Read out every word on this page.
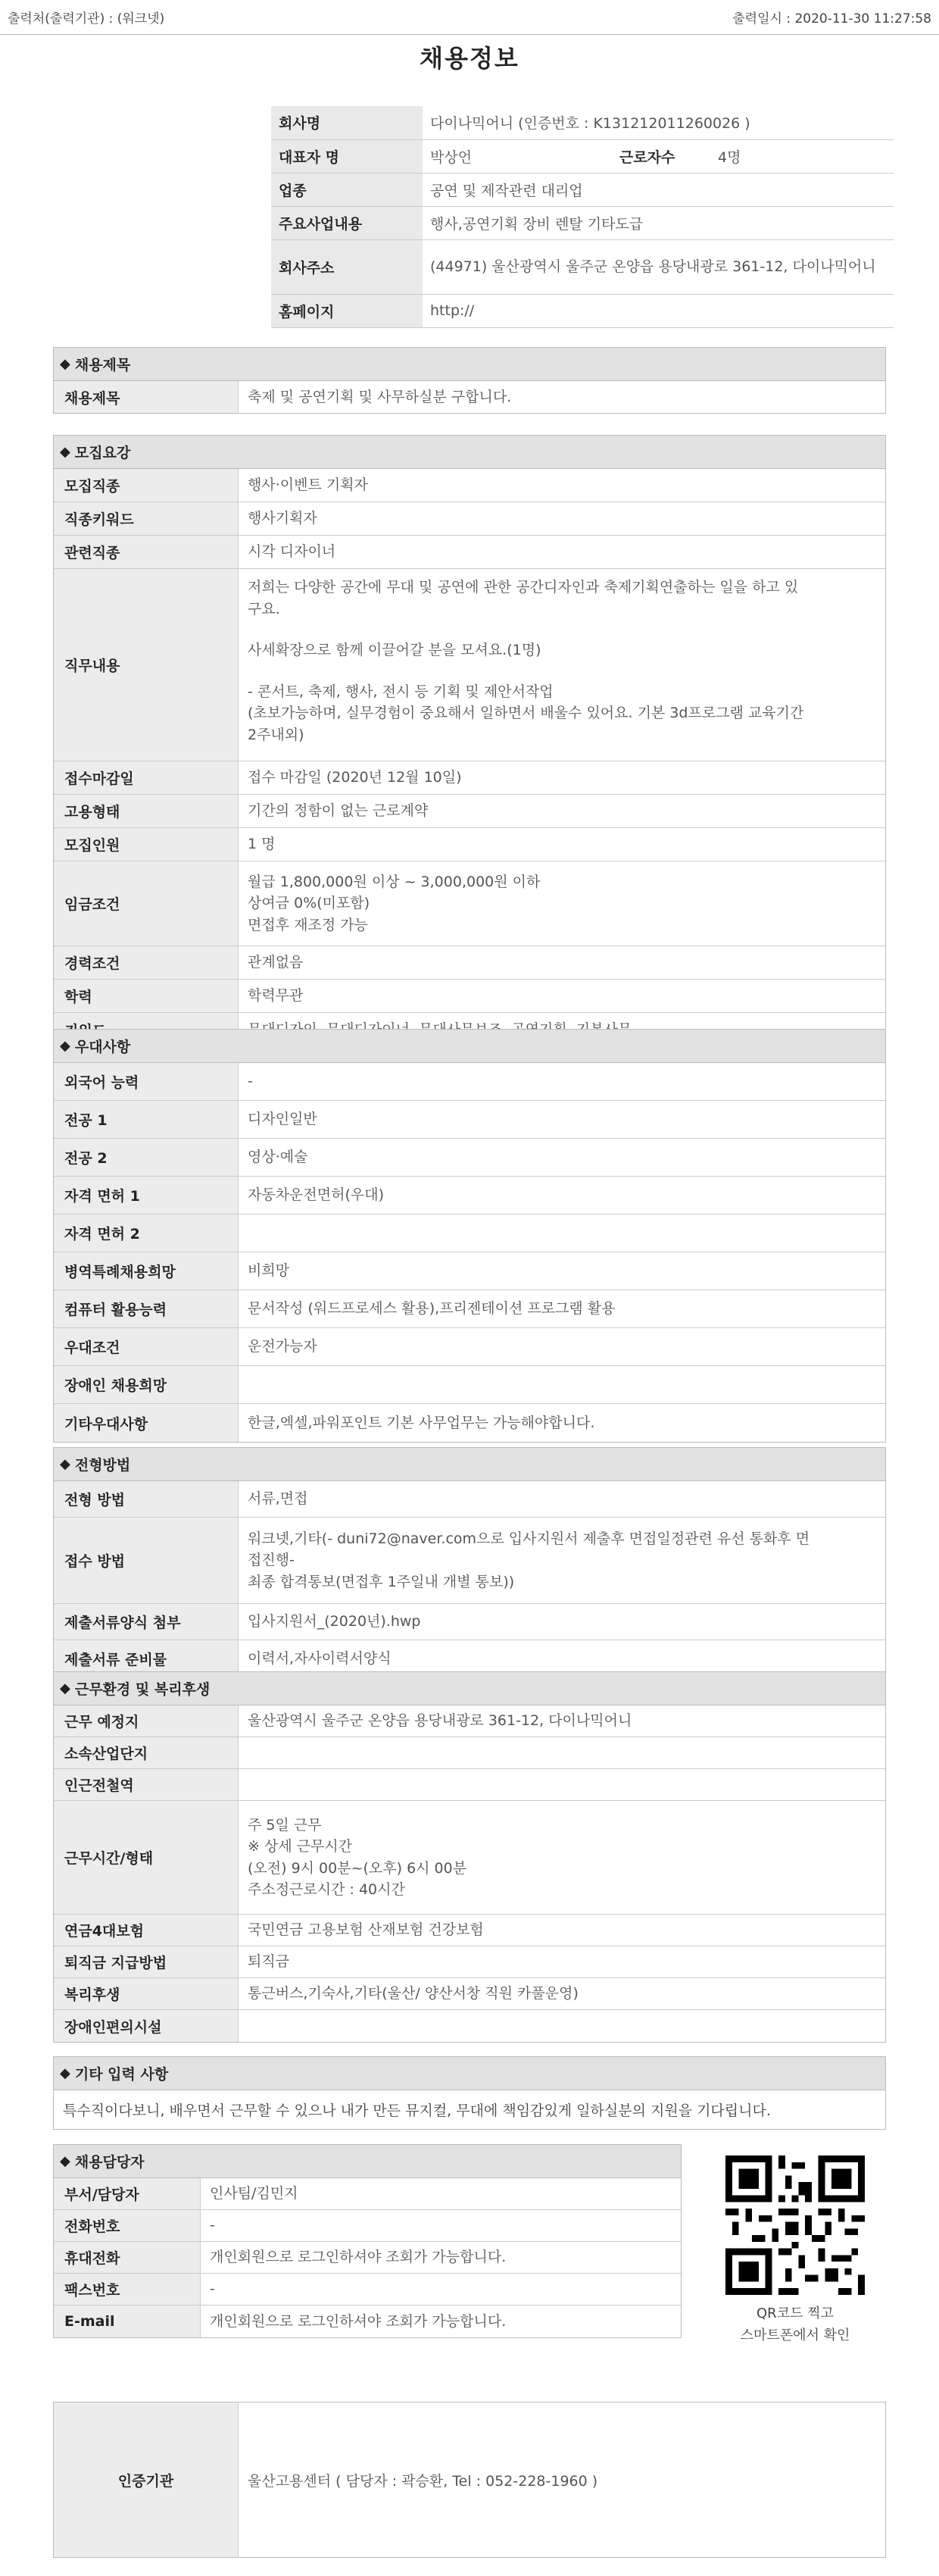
출력처(출력기관) : (워크넷)	출력일시 : 2020-11-30 11:27:58
채용정보
회사명	다이나믹어니 (인증번호 : K131212011260026 )		
대표자 명	박상언	근로자수	4명
업종	공연 및 제작관련 대리업		
주요사업내용	행사,공연기획 장비 렌탈 기타도급		
회사주소	(44971) 울산광역시 울주군 온양읍 용당내광로 361-12, 다이나믹어니		
홈페이지	http://		
◆ 채용제목
채용제목	축제 및 공연기획 및 사무하실분 구합니다.
◆ 모집요강
모집직종	행사·이벤트 기획자
직종키워드	행사기획자
관련직종	시각 디자이너
직무내용
저희는 다양한 공간에 무대 및 공연에 관한 공간디자인과 축제기획연출하는 일을 하고 있
구요.
사세확장으로 함께 이끌어갈 분을 모셔요.(1명)
- 콘서트, 축제, 행사, 전시 등 기획 및 제안서작업
(초보가능하며, 실무경험이 중요해서 일하면서 배울수 있어요. 기본 3d프로그램 교육기간
2주내외)
접수마감일	접수 마감일 (2020년 12월 10일)
고용형태	기간의 정함이 없는 근로계약
모집인원	1 명
임금조건
월급 1,800,000원 이상 ~ 3,000,000원 이하
상여금 0%(미포함)
면접후 재조정 가능
경력조건	관계없음
학력	학력무관
◆ 우대사항
외국어 능력	-
전공 1	디자인일반
전공 2	영상·예술
자격 면허 1	자동차운전면허(우대)
자격 면허 2
병역특례채용희망	비희망
컴퓨터 활용능력	문서작성 (워드프로세스 활용),프리젠테이션 프로그램 활용
우대조건	운전가능자
장애인 채용희망
기타우대사항	한글,엑셀,파워포인트 기본 사무업무는 가능해야합니다.
◆ 전형방법
전형 방법	서류,면접
접수 방법
워크넷,기타(- duni72@naver.com으로 입사지원서 제출후 면접일정관련 유선 통화후 면
접진행-
최종 합격통보(면접후 1주일내 개별 통보))
제출서류양식 첨부	입사지원서_(2020년).hwp
제출서류 준비물	이력서,자사이력서양식
◆ 근무환경 및 복리후생
근무 예정지	울산광역시 울주군 온양읍 용당내광로 361-12, 다이나믹어니
소속산업단지
인근전철역
근무시간/형태
주 5일 근무
※ 상세 근무시간
(오전) 9시 00분~(오후) 6시 00분
주소정근로시간 : 40시간
연금4대보험	국민연금 고용보험 산재보험 건강보험
퇴직금 지급방법	퇴직금
복리후생	통근버스,기숙사,기타(울산/ 양산서창 직원 카풀운영)
장애인편의시설
◆ 기타 입력 사항
특수직이다보니, 배우면서 근무할 수 있으나 내가 만든 뮤지컬, 무대에 책임감있게 일하실분의 지원을 기다립니다.
◆ 채용담당자
부서/담당자	인사팀/김민지
전화번호	-
휴대전화	개인회원으로 로그인하셔야 조회가 가능합니다.
팩스번호	-
E-mail	개인회원으로 로그인하셔야 조회가 가능합니다.	QR코드 찍고
스마트폰에서 확인
인증기관	울산고용센터 ( 담당자 : 곽승환, Tel : 052-228-1960 )
